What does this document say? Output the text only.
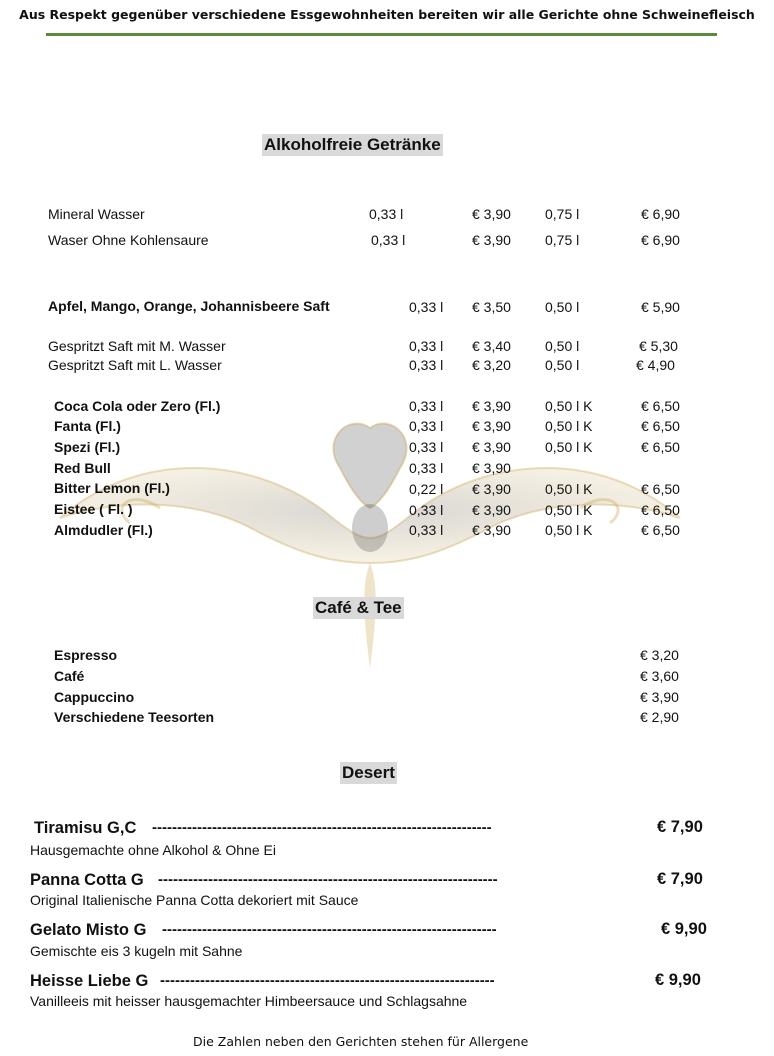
Aus Respekt gegenüber verschiedene Essgewohnheiten bereiten wir alle Gerichte ohne Schweinefleisch
Alkoholfreie Getränke
Mineral Wasser	0,33 l	€ 3,90 0,75 l	€ 6,90
Waser Ohne Kohlensaure	0,33 l	€ 3,90 0,75 l	€ 6,90
Apfel, Mango, Orange, Johannisbeere Saft	0,33 l € 3,50 0,50 l	€ 5,90
Gespritzt Saft mit M. Wasser	0,33 l € 3,40 0,50 l	€ 5,30
Gespritzt Saft mit L. Wasser	0,33 l € 3,20 0,50 l	€ 4,90
Coca Cola oder Zero (Fl.)	0,33 l € 3,90 0,50 l K	€ 6,50
Fanta (Fl.)	0,33 l € 3,90 0,50 l K	€ 6,50
Spezi (Fl.)	0,33 l € 3,90 0,50 l K	€ 6,50
Red Bull	0,33 l € 3,90
Bitter Lemon (Fl.)	0,22 l € 3,90 0,50 l K	€ 6,50
Eistee ( Fl. )	0,33 l € 3,90 0,50 l K	€ 6,50
Almdudler (Fl.)	0,33 l € 3,90 0,50 l K	€ 6,50
Café & Tee
Espresso	€ 3,20
Café	€ 3,60
Cappuccino	€ 3,90
Verschiedene Teesorten	€ 2,90
Desert
Tiramisu G,C --------------------------------------------------------------------	€ 7,90
Hausgemachte ohne Alkohol & Ohne Ei
Panna Cotta G --------------------------------------------------------------------	€ 7,90
Original Italienische Panna Cotta dekoriert mit Sauce
Gelato Misto G -------------------------------------------------------------------	€ 9,90
Gemischte eis 3 kugeln mit Sahne
Heisse Liebe G -------------------------------------------------------------------	€ 9,90
Vanilleeis mit heisser hausgemachter Himbeersauce und Schlagsahne
Die Zahlen neben den Gerichten stehen für Allergene
